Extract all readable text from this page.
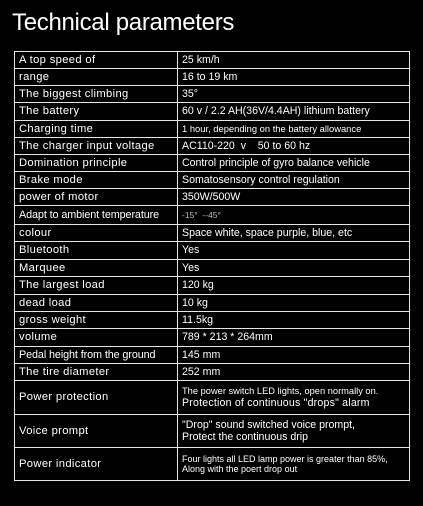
Technical parameters
A top speed of	25 km/h
range	16 to 19 km
The biggest climbing	35°
The battery	60 v / 2.2 AH(36V/4.4AH) lithium battery
Charging time	1 hour, depending on the battery allowance
The charger input voltage	AC110-220  v    50 to 60 hz
Domination principle	Control principle of gyro balance vehicle
Brake mode	Somatosensory control regulation
power of motor	350W/500W
Adapt to ambient temperature	-15°  --45°
colour	Space white, space purple, blue, etc
Bluetooth	Yes
Marquee	Yes
The largest load	120 kg
dead load	10 kg
gross weight	11.5kg
volume	789 * 213 * 264mm
Pedal height from the ground	145 mm
The tire diameter	252 mm
Power protection	The power switch LED lights, open normally on.
Protection of continuous "drops" alarm

Voice prompt	"Drop" sound switched voice prompt,
Protect the continuous drip

Power indicator	Four lights all LED lamp power is greater than 85%,
Along with the poert drop out
